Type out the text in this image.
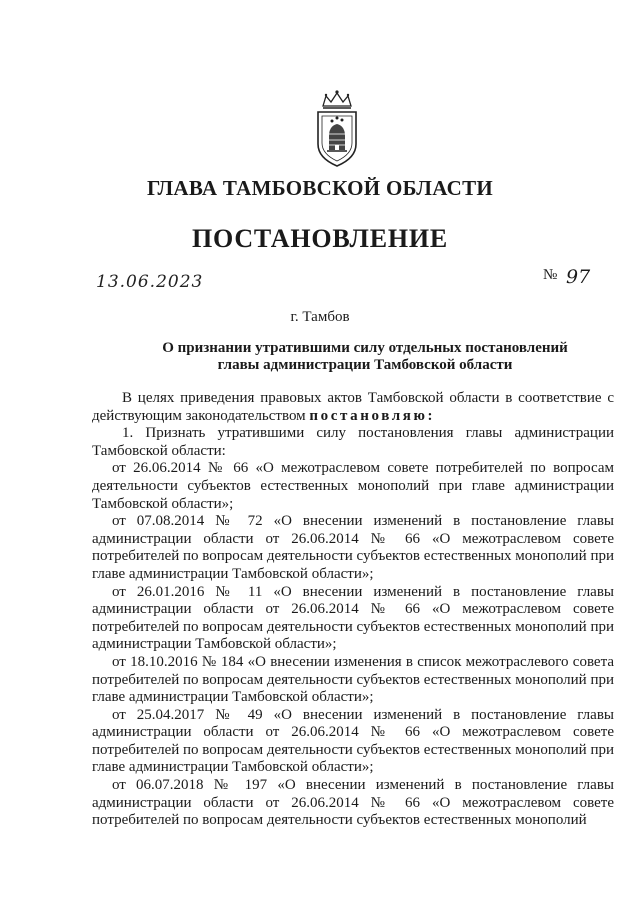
ГЛАВА ТАМБОВСКОЙ ОБЛАСТИ
ПОСТАНОВЛЕНИЕ
13.06.2023	№ 97
г. Тамбов
О признании утратившими силу отдельных постановлений
главы администрации Тамбовской области

В целях приведения правовых актов Тамбовской области в соответствие с действующим законодательством постановляю:

1. Признать утратившими силу постановления главы администрации Тамбовской области:

от 26.06.2014 № 66 «О межотраслевом совете потребителей по вопросам деятельности субъектов естественных монополий при главе администрации Тамбовской области»;

от 07.08.2014 № 72 «О внесении изменений в постановление главы администрации области от 26.06.2014 № 66 «О межотраслевом совете потребителей по вопросам деятельности субъектов естественных монополий при главе администрации Тамбовской области»;

от 26.01.2016 № 11 «О внесении изменений в постановление главы администрации области от 26.06.2014 № 66 «О межотраслевом совете потребителей по вопросам деятельности субъектов естественных монополий при администрации Тамбовской области»;

от 18.10.2016 № 184 «О внесении изменения в список межотраслевого совета потребителей по вопросам деятельности субъектов естественных монополий при главе администрации Тамбовской области»;

от 25.04.2017 № 49 «О внесении изменений в постановление главы администрации области от 26.06.2014 № 66 «О межотраслевом совете потребителей по вопросам деятельности субъектов естественных монополий при главе администрации Тамбовской области»;

от 06.07.2018 № 197 «О внесении изменений в постановление главы администрации области от 26.06.2014 № 66 «О межотраслевом совете потребителей по вопросам деятельности субъектов естественных монополий
